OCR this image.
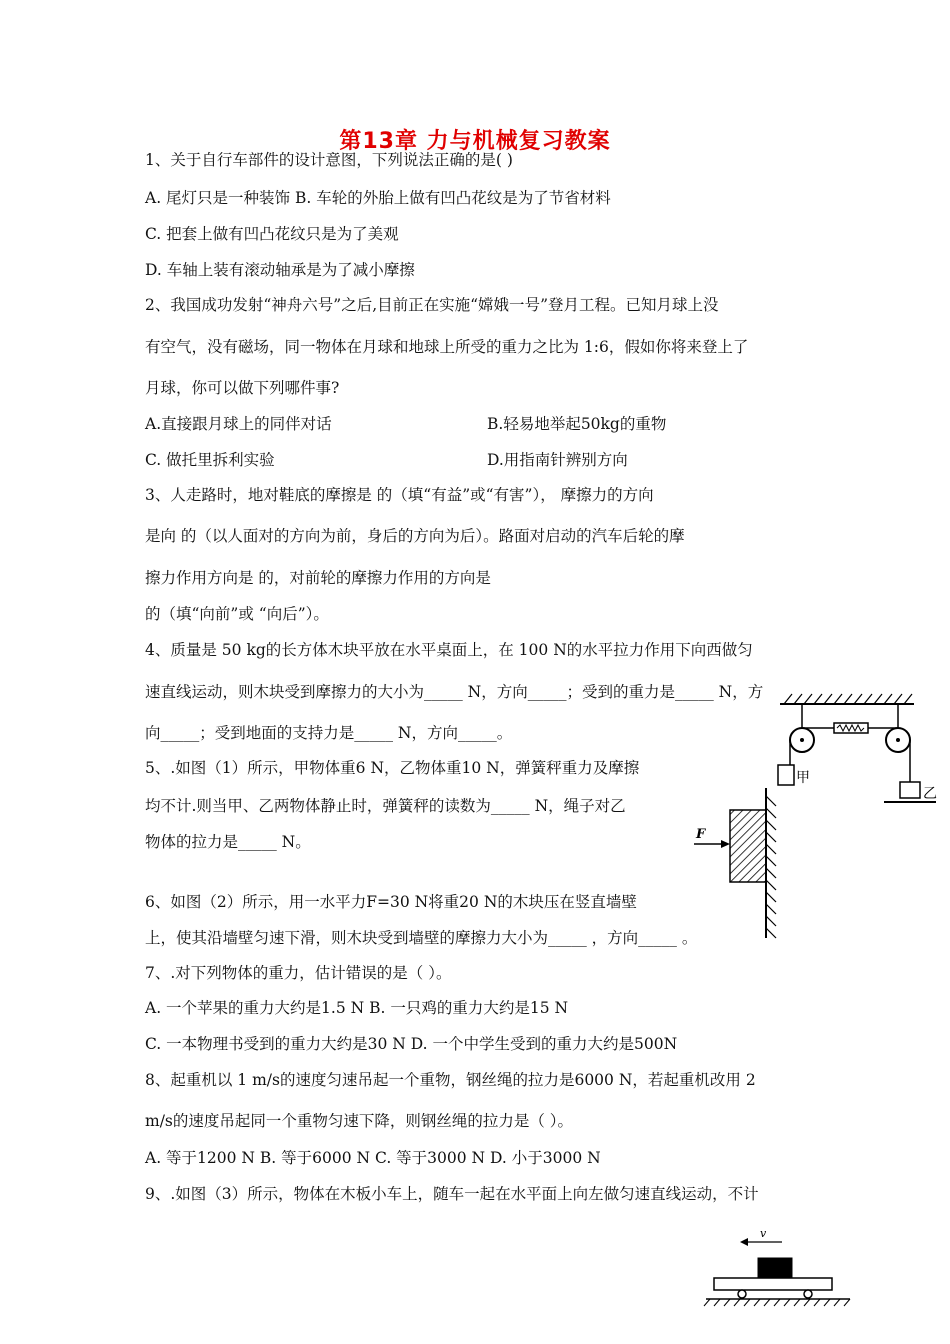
第13章 力与机械复习教案
1、关于自行车部件的设计意图，下列说法正确的是( )
A. 尾灯只是一种装饰 B. 车轮的外胎上做有凹凸花纹是为了节省材料
C. 把套上做有凹凸花纹只是为了美观
D. 车轴上装有滚动轴承是为了减小摩擦
2、我国成功发射“神舟六号”之后,目前正在实施“嫦娥一号”登月工程。已知月球上没
有空气，没有磁场，同一物体在月球和地球上所受的重力之比为 1:6，假如你将来登上了
月球，你可以做下列哪件事?
A.直接跟月球上的同伴对话	B.轻易地举起50kg的重物
C. 做托里拆利实验	D.用指南针辨别方向
3、人走路时，地对鞋底的摩擦是 的（填“有益”或“有害”）， 摩擦力的方向
是向 的（以人面对的方向为前，身后的方向为后）。路面对启动的汽车后轮的摩
擦力作用方向是 的，对前轮的摩擦力作用的方向是
的（填“向前”或 “向后”）。
4、质量是 50 kg的长方体木块平放在水平桌面上，在 100 N的水平拉力作用下向西做匀
速直线运动，则木块受到摩擦力的大小为_____ N，方向_____；受到的重力是_____ N，方
向_____；受到地面的支持力是_____ N，方向_____。
5、.如图（1）所示，甲物体重6 N，乙物体重10 N，弹簧秤重力及摩擦
均不计.则当甲、乙两物体静止时，弹簧秤的读数为_____ N，绳子对乙
物体的拉力是_____ N。
6、如图（2）所示，用一水平力F=30 N将重20 N的木块压在竖直墙壁
上，使其沿墙壁匀速下滑，则木块受到墙壁的摩擦力大小为_____ ，方向_____ 。
7、.对下列物体的重力，估计错误的是（ ）。
A. 一个苹果的重力大约是1.5 N B. 一只鸡的重力大约是15 N
C. 一本物理书受到的重力大约是30 N D. 一个中学生受到的重力大约是500N
8、起重机以 1 m/s的速度匀速吊起一个重物，钢丝绳的拉力是6000 N，若起重机改用 2
m/s的速度吊起同一个重物匀速下降，则钢丝绳的拉力是（ ）。
A. 等于1200 N B. 等于6000 N C. 等于3000 N D. 小于3000 N
9、.如图（3）所示，物体在木板小车上，随车一起在水平面上向左做匀速直线运动，不计
甲
乙
F
v
